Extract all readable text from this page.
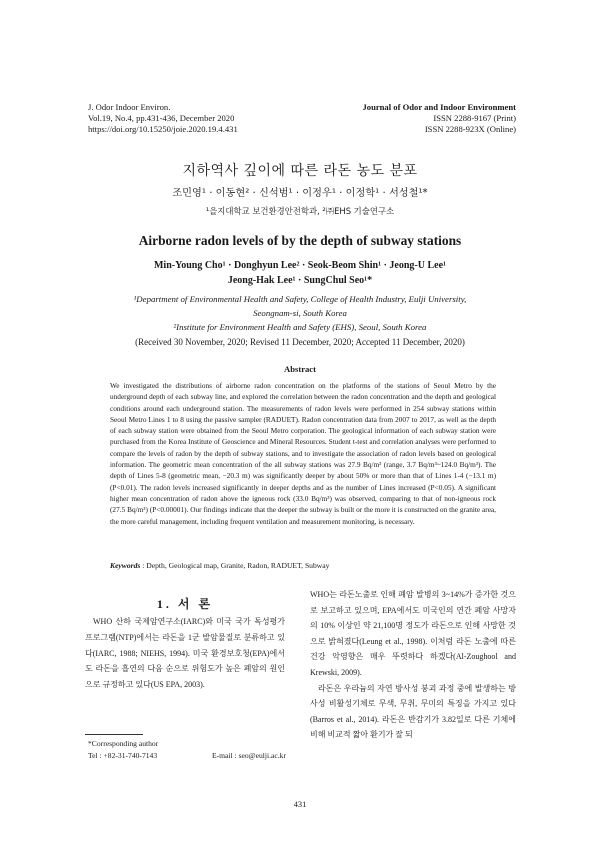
J. Odor Indoor Environ.
Vol.19, No.4, pp.431-436, December 2020
https://doi.org/10.15250/joie.2020.19.4.431
Journal of Odor and Indoor Environment
ISSN 2288-9167 (Print)
ISSN 2288-923X (Online)
지하역사 깊이에 따른 라돈 농도 분포
조민영¹ · 이동현² · 신석범¹ · 이정우¹ · 이정학¹ · 서성철¹*
¹을지대학교 보건환경안전학과, ²㈜EHS 기술연구소
Airborne radon levels of by the depth of subway stations
Min-Young Cho¹ · Donghyun Lee² · Seok-Beom Shin¹ · Jeong-U Lee¹
Jeong-Hak Lee¹ · SungChul Seo¹*
¹Department of Environmental Health and Safety, College of Health Industry, Eulji University,
Seongnam-si, South Korea
²Institute for Environment Health and Safety (EHS), Seoul, South Korea
(Received 30 November, 2020; Revised 11 December, 2020; Accepted 11 December, 2020)
Abstract
We investigated the distributions of airborne radon concentration on the platforms of the stations of Seoul Metro by the underground depth of each subway line, and explored the correlation between the radon concentration and the depth and geological conditions around each underground station. The measurements of radon levels were performed in 254 subway stations within Seoul Metro Lines 1 to 8 using the passive sampler (RADUET). Radon concentration data from 2007 to 2017, as well as the depth of each subway station were obtained from the Seoul Metro corporation. The geological information of each subway station were purchased from the Korea Institute of Geoscience and Mineral Resources. Student t-test and correlation analyses were performed to compare the levels of radon by the depth of subway stations, and to investigate the association of radon levels based on geological information. The geometric mean concentration of the all subway stations was 27.9 Bq/m³ (range, 3.7 Bq/m³~124.0 Bq/m³). The depth of Lines 5-8 (geometric mean, −20.3 m) was significantly deeper by about 50% or more than that of Lines 1-4 (−13.1 m) (P<0.01). The radon levels increased significantly in deeper depths and as the number of Lines increased (P<0.05). A significant higher mean concentration of radon above the igneous rock (33.0 Bq/m³) was observed, comparing to that of non-igneous rock (27.5 Bq/m³) (P<0.00001). Our findings indicate that the deeper the subway is built or the more it is constructed on the granite area, the more careful management, including frequent ventilation and measurement monitoring, is necessary.
Keywords : Depth, Geological map, Granite, Radon, RADUET, Subway
1. 서 론
WHO 산하 국제암연구소(IARC)와 미국 국가 독성평가프로그램(NTP)에서는 라돈을 1군 발암물질로 분류하고 있다(IARC, 1988; NIEHS, 1994). 미국 환경보호청(EPA)에서도 라돈을 흡연의 다음 순으로 위험도가 높은 폐암의 원인으로 규정하고 있다(US EPA, 2003).

WHO는 라돈노출로 인해 폐암 발병의 3~14%가 증가한 것으로 보고하고 있으며, EPA에서도 미국인의 연간 폐암 사망자의 10% 이상인 약 21,100명 정도가 라돈으로 인해 사망한 것으로 밝혀졌다(Leung et al., 1998). 이처럼 라돈 노출에 따른 건강 악영향은 매우 뚜렷하다 하겠다(Al-Zoughool and Krewski, 2009).

라돈은 우라늄의 자연 방사성 붕괴 과정 중에 발생하는 방사성 비활성기체로 무색, 무취, 무미의 특징을 가지고 있다(Barros et al., 2014). 라돈은 반감기가 3.82일로 다른 기체에 비해 비교적 짧아 환기가 잘 되

*Corresponding author
Tel : +82-31-740-7143	E-mail : seo@eulji.ac.kr
431
